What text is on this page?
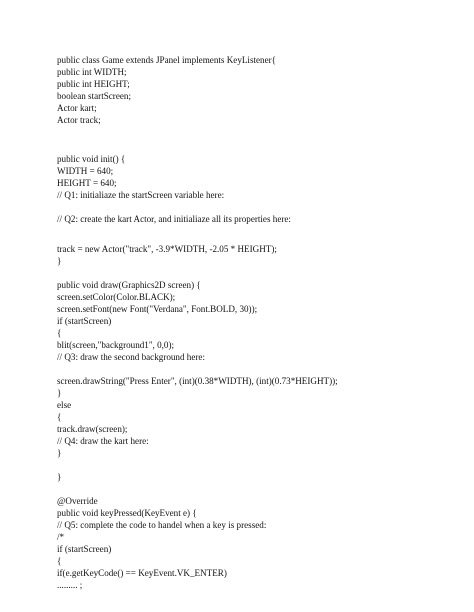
public class Game extends JPanel implements KeyListener{

public int WIDTH;

public int HEIGHT;

boolean startScreen;

Actor kart;

Actor track;

public void init() {

WIDTH = 640;

HEIGHT = 640;

// Q1: initialiaze the startScreen variable here:

// Q2: create the kart Actor, and initialiaze all its properties here:

track = new Actor("track", -3.9*WIDTH, -2.05 * HEIGHT);

}

public void draw(Graphics2D screen) {

screen.setColor(Color.BLACK);

screen.setFont(new Font("Verdana", Font.BOLD, 30));

if (startScreen)

{

blit(screen,"background1", 0,0);

// Q3: draw the second background here:

screen.drawString("Press Enter", (int)(0.38*WIDTH), (int)(0.73*HEIGHT));

}

else

{

track.draw(screen);

// Q4: draw the kart here:

}

}

@Override

public void keyPressed(KeyEvent e) {

// Q5: complete the code to handel when a key is pressed:

/*

if (startScreen)

{

if(e.getKeyCode() == KeyEvent.VK_ENTER)

......... ;
